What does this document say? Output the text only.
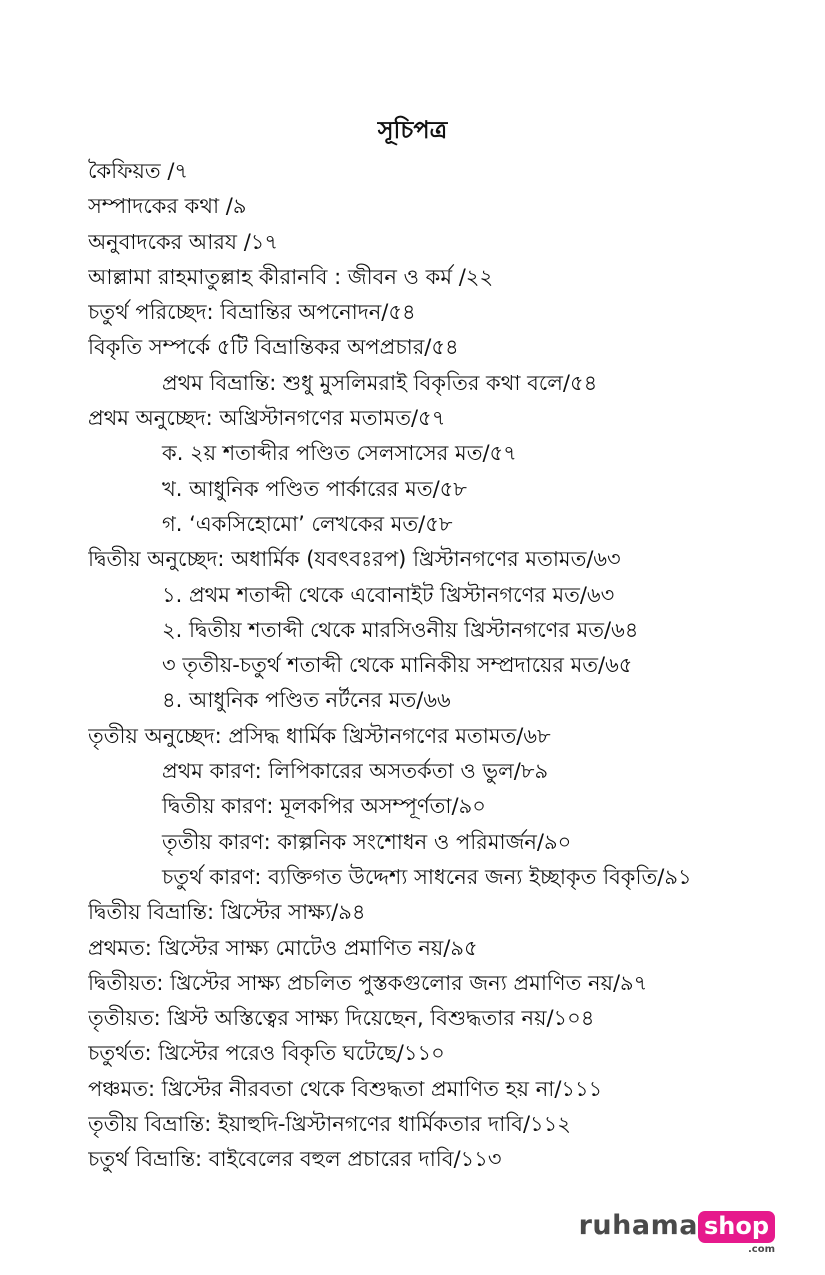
সূচিপত্র
কৈফিয়ত /৭
সম্পাদকের কথা /৯
অনুবাদকের আরয /১৭
আল্লামা রাহমাতুল্লাহ কীরানবি : জীবন ও কর্ম /২২
চতুর্থ পরিচ্ছেদ: বিভ্রান্তির অপনোদন/৫৪
বিকৃতি সম্পর্কে ৫টি বিভ্রান্তিকর অপপ্রচার/৫৪
প্রথম বিভ্রান্তি: শুধু মুসলিমরাই বিকৃতির কথা বলে/৫৪
প্রথম অনুচ্ছেদ: অখ্রিস্টানগণের মতামত/৫৭
ক. ২য় শতাব্দীর পণ্ডিত সেলসাসের মত/৫৭
খ. আধুনিক পণ্ডিত পার্কারের মত/৫৮
গ. ‘একসিহোমো’ লেখকের মত/৫৮
দ্বিতীয় অনুচ্ছেদ: অধার্মিক (যবৎবঃরপ) খ্রিস্টানগণের মতামত/৬৩
১. প্রথম শতাব্দী থেকে এবোনাইট খ্রিস্টানগণের মত/৬৩
২. দ্বিতীয় শতাব্দী থেকে মারসিওনীয় খ্রিস্টানগণের মত/৬৪
৩ তৃতীয়-চতুর্থ শতাব্দী থেকে মানিকীয় সম্প্রদায়ের মত/৬৫
৪. আধুনিক পণ্ডিত নর্টনের মত/৬৬
তৃতীয় অনুচ্ছেদ: প্রসিদ্ধ ধার্মিক খ্রিস্টানগণের মতামত/৬৮
প্রথম কারণ: লিপিকারের অসতর্কতা ও ভুল/৮৯
দ্বিতীয় কারণ: মূলকপির অসম্পূর্ণতা/৯০
তৃতীয় কারণ: কাল্পনিক সংশোধন ও পরিমার্জন/৯০
চতুর্থ কারণ: ব্যক্তিগত উদ্দেশ্য সাধনের জন্য ইচ্ছাকৃত বিকৃতি/৯১
দ্বিতীয় বিভ্রান্তি: খ্রিস্টের সাক্ষ্য/৯৪
প্রথমত: খ্রিস্টের সাক্ষ্য মোটেও প্রমাণিত নয়/৯৫
দ্বিতীয়ত: খ্রিস্টের সাক্ষ্য প্রচলিত পুস্তকগুলোর জন্য প্রমাণিত নয়/৯৭
তৃতীয়ত: খ্রিস্ট অস্তিত্বের সাক্ষ্য দিয়েছেন, বিশুদ্ধতার নয়/১০৪
চতুর্থত: খ্রিস্টের পরেও বিকৃতি ঘটেছে/১১০
পঞ্চমত: খ্রিস্টের নীরবতা থেকে বিশুদ্ধতা প্রমাণিত হয় না/১১১
তৃতীয় বিভ্রান্তি: ইয়াহুদি-খ্রিস্টানগণের ধার্মিকতার দাবি/১১২
চতুর্থ বিভ্রান্তি: বাইবেলের বহুল প্রচারের দাবি/১১৩
ruhama shop
.com
